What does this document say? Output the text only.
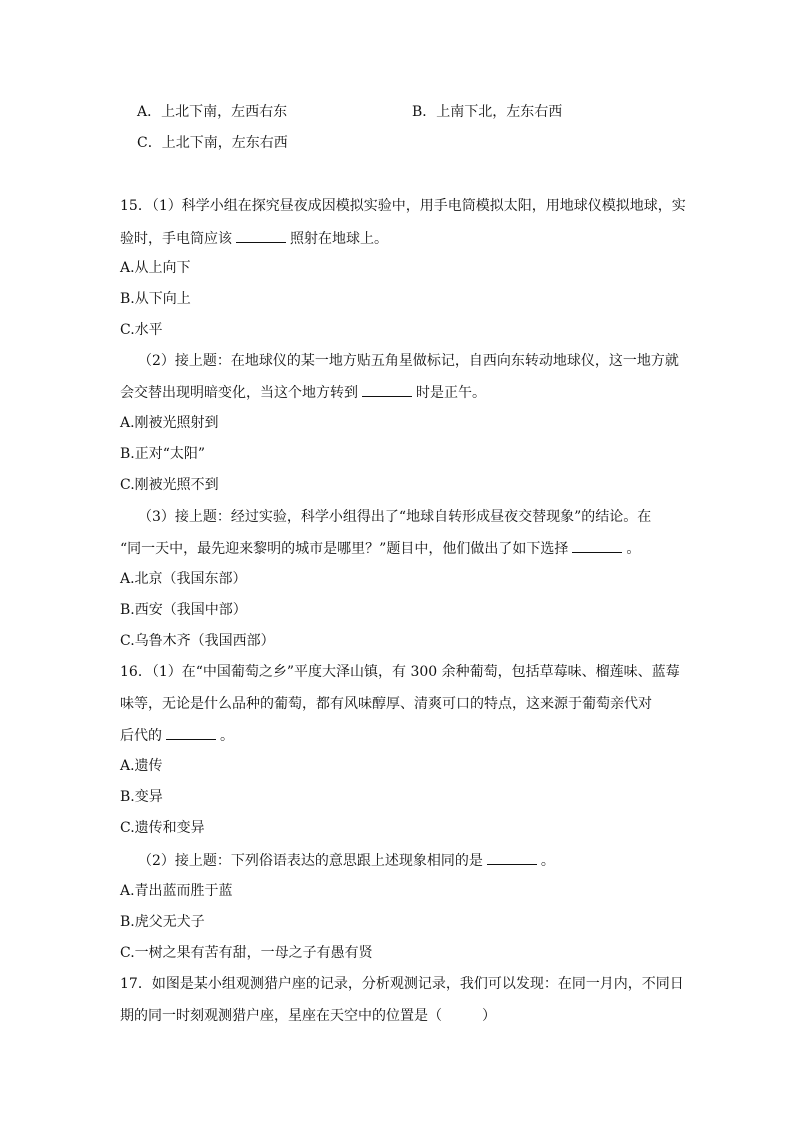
A．上北下南，左西右东	B．上南下北，左东右西
C．上北下南，左东右西
15．（1）科学小组在探究昼夜成因模拟实验中，用手电筒模拟太阳，用地球仪模拟地球，实
验时，手电筒应该	照射在地球上。
A.从上向下
B.从下向上
C.水平
（2）接上题：在地球仪的某一地方贴五角星做标记，自西向东转动地球仪，这一地方就
会交替出现明暗变化，当这个地方转到	时是正午。
A.刚被光照射到
B.正对“太阳”
C.刚被光照不到
（3）接上题：经过实验，科学小组得出了“地球自转形成昼夜交替现象”的结论。在
“同一天中，最先迎来黎明的城市是哪里？”题目中，他们做出了如下选择	。
A.北京（我国东部）
B.西安（我国中部）
C.乌鲁木齐（我国西部）
16．（1）在“中国葡萄之乡”平度大泽山镇，有 300 余种葡萄，包括草莓味、榴莲味、蓝莓
味等，无论是什么品种的葡萄，都有风味醇厚、清爽可口的特点，这来源于葡萄亲代对
后代的	。
A.遗传
B.变异
C.遗传和变异
（2）接上题：下列俗语表达的意思跟上述现象相同的是	。
A.青出蓝而胜于蓝
B.虎父无犬子
C.一树之果有苦有甜，一母之子有愚有贤
17．如图是某小组观测猎户座的记录，分析观测记录，我们可以发现：在同一月内，不同日
期的同一时刻观测猎户座，星座在天空中的位置是（	）
